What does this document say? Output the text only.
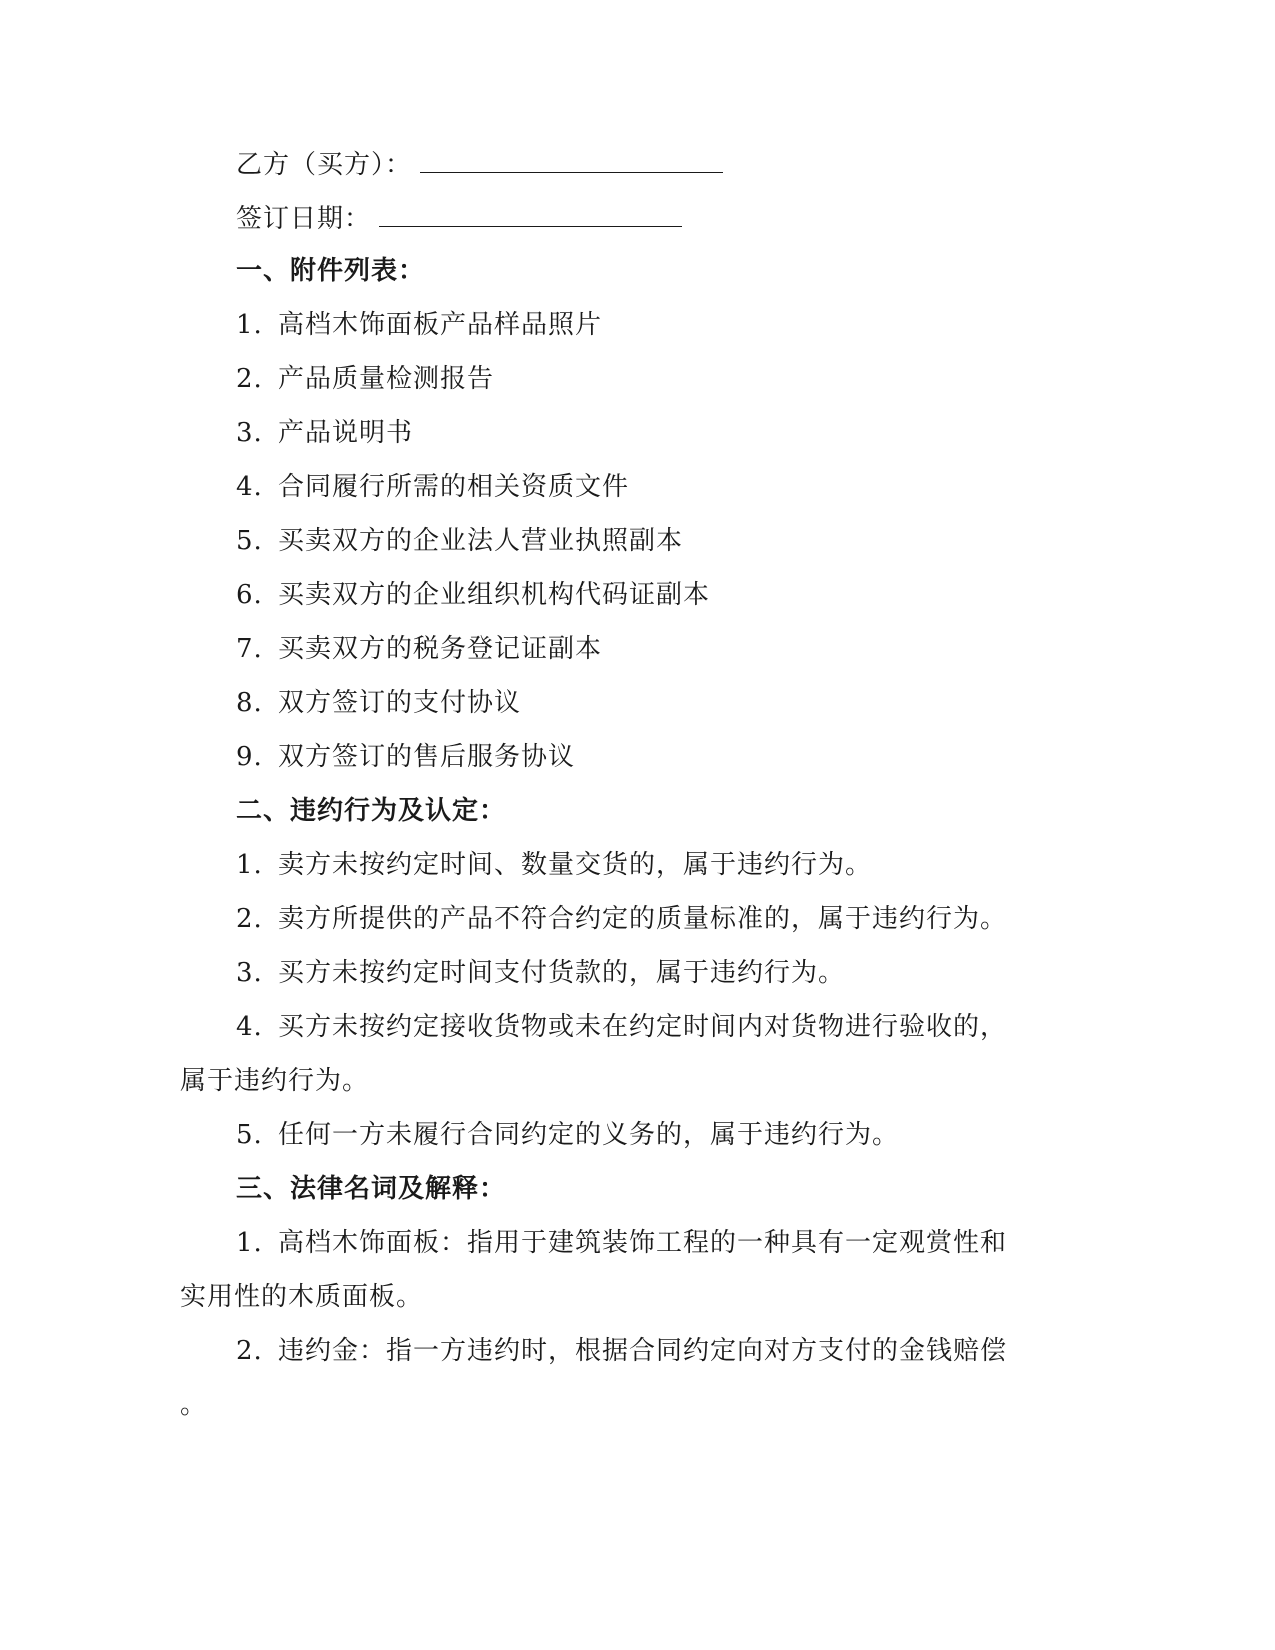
乙方（买方）：
签订日期：
一、附件列表：
1. 高档木饰面板产品样品照片
2. 产品质量检测报告
3. 产品说明书
4. 合同履行所需的相关资质文件
5. 买卖双方的企业法人营业执照副本
6. 买卖双方的企业组织机构代码证副本
7. 买卖双方的税务登记证副本
8. 双方签订的支付协议
9. 双方签订的售后服务协议
二、违约行为及认定：
1. 卖方未按约定时间、数量交货的，属于违约行为。
2. 卖方所提供的产品不符合约定的质量标准的，属于违约行为。
3. 买方未按约定时间支付货款的，属于违约行为。
4. 买方未按约定接收货物或未在约定时间内对货物进行验收的，
属于违约行为。
5. 任何一方未履行合同约定的义务的，属于违约行为。
三、法律名词及解释：
1. 高档木饰面板：指用于建筑装饰工程的一种具有一定观赏性和
实用性的木质面板。
2. 违约金：指一方违约时，根据合同约定向对方支付的金钱赔偿
。
